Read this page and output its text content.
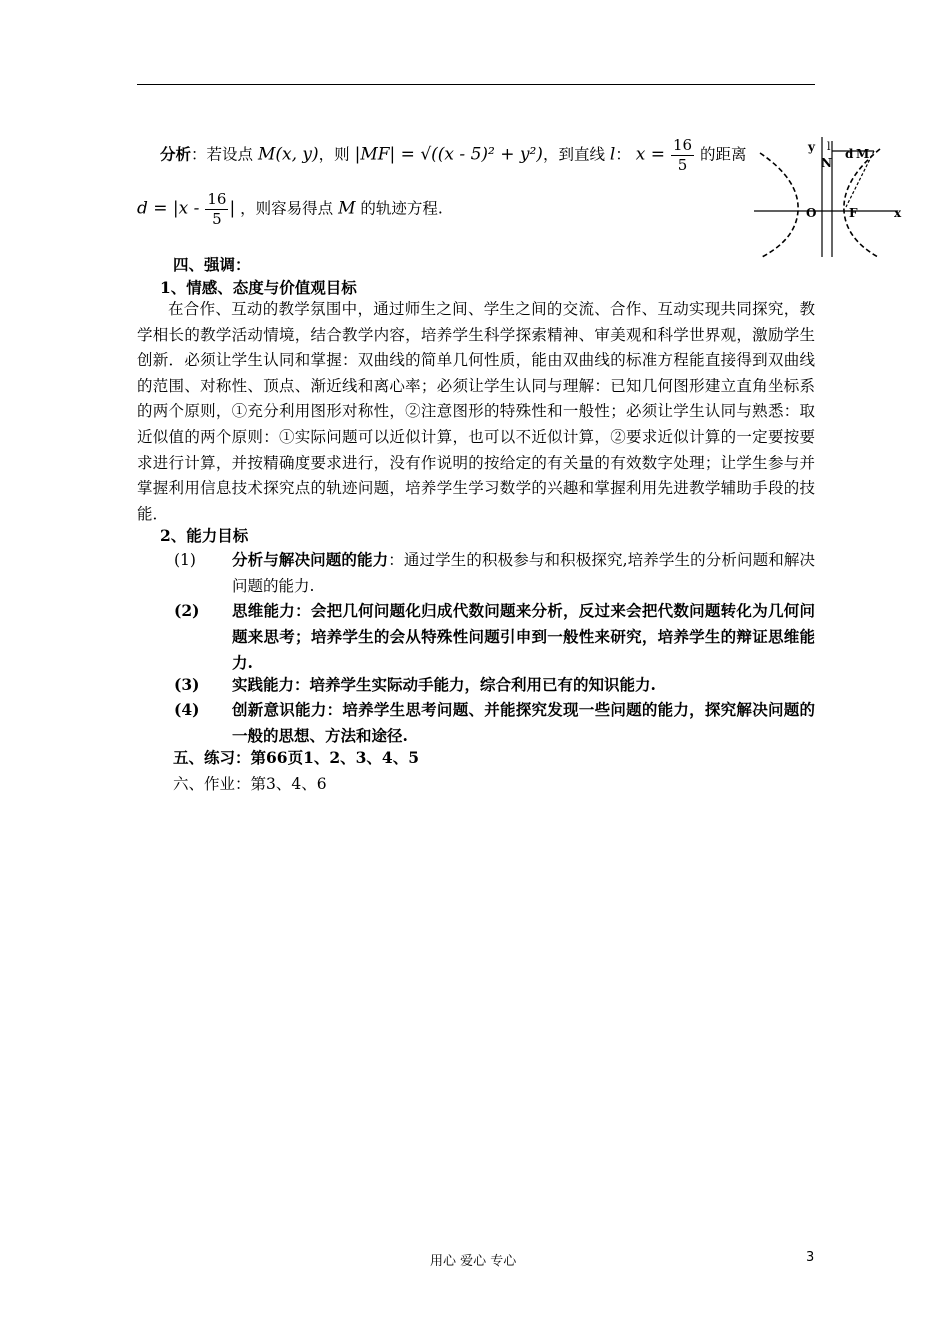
分析：若设点 M(x, y)，则 |MF| = √((x - 5)² + y²)，到直线 l： $x = \frac{16}{5}$ 的距离
$d = |x - \frac{16}{5}$ | ，则容易得点 M 的轨迹方程.
y l
N
d M
O	F	x
四、强调：
1、情感、态度与价值观目标

在合作、互动的教学氛围中，通过师生之间、学生之间的交流、合作、互动实现共同探究，教学相长的教学活动情境，结合教学内容，培养学生科学探索精神、审美观和科学世界观，激励学生创新．必须让学生认同和掌握：双曲线的简单几何性质，能由双曲线的标准方程能直接得到双曲线的范围、对称性、顶点、渐近线和离心率；必须让学生认同与理解：已知几何图形建立直角坐标系的两个原则，①充分利用图形对称性，②注意图形的特殊性和一般性；必须让学生认同与熟悉：取近似值的两个原则：①实际问题可以近似计算，也可以不近似计算，②要求近似计算的一定要按要求进行计算，并按精确度要求进行，没有作说明的按给定的有关量的有效数字处理；让学生参与并掌握利用信息技术探究点的轨迹问题，培养学生学习数学的兴趣和掌握利用先进教学辅助手段的技能．

2、能力目标
(1) 分析与解决问题的能力：通过学生的积极参与和积极探究,培养学生的分析问题和解决问题的能力.
(2) 思维能力：会把几何问题化归成代数问题来分析，反过来会把代数问题转化为几何问题来思考；培养学生的会从特殊性问题引申到一般性来研究，培养学生的辩证思维能力.
(3) 实践能力：培养学生实际动手能力，综合利用已有的知识能力.
(4) 创新意识能力：培养学生思考问题、并能探究发现一些问题的能力，探究解决问题的一般的思想、方法和途径.
五、练习：第66页1、2、3、4、5
六、作业：第3、4、6
用心 爱心 专心	3
